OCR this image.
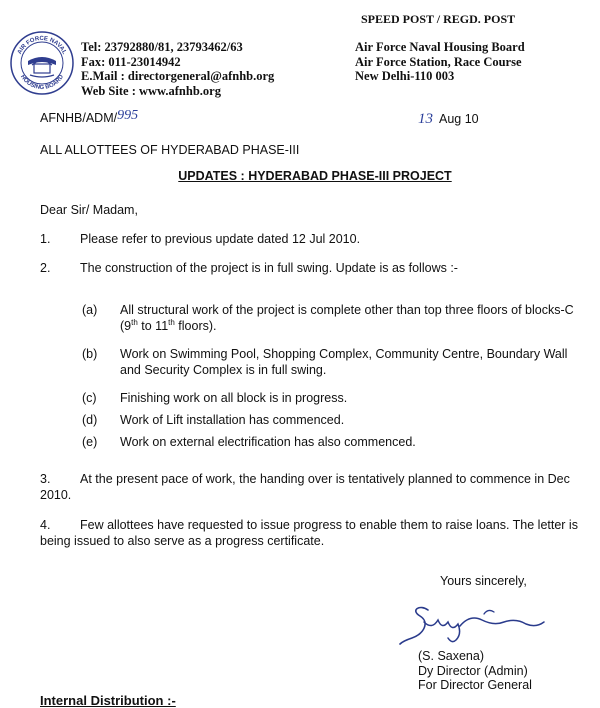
SPEED POST / REGD. POST
AIR FORCE NAVAL
HOUSING BOARD
Tel: 23792880/81, 23793462/63
Fax: 011-23014942
E.Mail : directorgeneral@afnhb.org
Web Site : www.afnhb.org
Air Force Naval Housing Board
Air Force Station, Race Course
New Delhi-110 003
AFNHB/ADM/995	13 Aug 10
ALL ALLOTTEES OF HYDERABAD PHASE-III
UPDATES : HYDERABAD PHASE-III PROJECT
Dear Sir/ Madam,
1. Please refer to previous update dated 12 Jul 2010.
2. The construction of the project is in full swing. Update is as follows :-
(a) All structural work of the project is complete other than top three floors of blocks-C (9th to 11th floors).
(b) Work on Swimming Pool, Shopping Complex, Community Centre, Boundary Wall and Security Complex is in full swing.
(c) Finishing work on all block is in progress.
(d) Work of Lift installation has commenced.
(e) Work on external electrification has also commenced.
3. At the present pace of work, the handing over is tentatively planned to commence in Dec 2010.
4. Few allottees have requested to issue progress to enable them to raise loans. The letter is being issued to also serve as a progress certificate.
Yours sincerely,
(S. Saxena)
Dy Director (Admin)
For Director General
Internal Distribution :-
